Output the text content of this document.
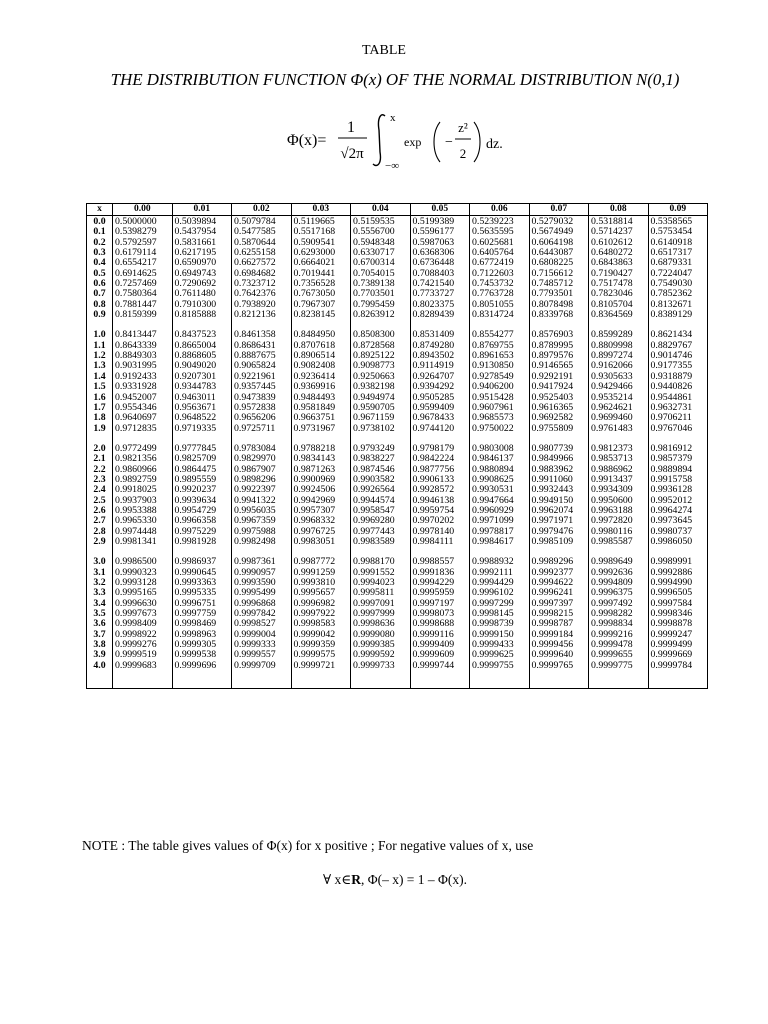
TABLE
THE DISTRIBUTION FUNCTION Φ(x) OF THE NORMAL DISTRIBUTION N(0,1)
Φ(x)=
1
√2π
x
−∞
exp −
z²
2
dz.
x	0.00	0.01	0.02	0.03	0.04	0.05	0.06	0.07	0.08	0.09
0.0	0.5000000	0.5039894	0.5079784	0.5119665	0.5159535	0.5199389	0.5239223	0.5279032	0.5318814	0.5358565
0.1	0.5398279	0.5437954	0.5477585	0.5517168	0.5556700	0.5596177	0.5635595	0.5674949	0.5714237	0.5753454
0.2	0.5792597	0.5831661	0.5870644	0.5909541	0.5948348	0.5987063	0.6025681	0.6064198	0.6102612	0.6140918
0.3	0.6179114	0.6217195	0.6255158	0.6293000	0.6330717	0.6368306	0.6405764	0.6443087	0.6480272	0.6517317
0.4	0.6554217	0.6590970	0.6627572	0.6664021	0.6700314	0.6736448	0.6772419	0.6808225	0.6843863	0.6879331
0.5	0.6914625	0.6949743	0.6984682	0.7019441	0.7054015	0.7088403	0.7122603	0.7156612	0.7190427	0.7224047
0.6	0.7257469	0.7290692	0.7323712	0.7356528	0.7389138	0.7421540	0.7453732	0.7485712	0.7517478	0.7549030
0.7	0.7580364	0.7611480	0.7642376	0.7673050	0.7703501	0.7733727	0.7763728	0.7793501	0.7823046	0.7852362
0.8	0.7881447	0.7910300	0.7938920	0.7967307	0.7995459	0.8023375	0.8051055	0.8078498	0.8105704	0.8132671
0.9	0.8159399	0.8185888	0.8212136	0.8238145	0.8263912	0.8289439	0.8314724	0.8339768	0.8364569	0.8389129

1.0	0.8413447	0.8437523	0.8461358	0.8484950	0.8508300	0.8531409	0.8554277	0.8576903	0.8599289	0.8621434
1.1	0.8643339	0.8665004	0.8686431	0.8707618	0.8728568	0.8749280	0.8769755	0.8789995	0.8809998	0.8829767
1.2	0.8849303	0.8868605	0.8887675	0.8906514	0.8925122	0.8943502	0.8961653	0.8979576	0.8997274	0.9014746
1.3	0.9031995	0.9049020	0.9065824	0.9082408	0.9098773	0.9114919	0.9130850	0.9146565	0.9162066	0.9177355
1.4	0.9192433	0.9207301	0.9221961	0.9236414	0.9250663	0.9264707	0.9278549	0.9292191	0.9305633	0.9318879
1.5	0.9331928	0.9344783	0.9357445	0.9369916	0.9382198	0.9394292	0.9406200	0.9417924	0.9429466	0.9440826
1.6	0.9452007	0.9463011	0.9473839	0.9484493	0.9494974	0.9505285	0.9515428	0.9525403	0.9535214	0.9544861
1.7	0.9554346	0.9563671	0.9572838	0.9581849	0.9590705	0.9599409	0.9607961	0.9616365	0.9624621	0.9632731
1.8	0.9640697	0.9648522	0.9656206	0.9663751	0.9671159	0.9678433	0.9685573	0.9692582	0.9699460	0.9706211
1.9	0.9712835	0.9719335	0.9725711	0.9731967	0.9738102	0.9744120	0.9750022	0.9755809	0.9761483	0.9767046

2.0	0.9772499	0.9777845	0.9783084	0.9788218	0.9793249	0.9798179	0.9803008	0.9807739	0.9812373	0.9816912
2.1	0.9821356	0.9825709	0.9829970	0.9834143	0.9838227	0.9842224	0.9846137	0.9849966	0.9853713	0.9857379
2.2	0.9860966	0.9864475	0.9867907	0.9871263	0.9874546	0.9877756	0.9880894	0.9883962	0.9886962	0.9889894
2.3	0.9892759	0.9895559	0.9898296	0.9900969	0.9903582	0.9906133	0.9908625	0.9911060	0.9913437	0.9915758
2.4	0.9918025	0.9920237	0.9922397	0.9924506	0.9926564	0.9928572	0.9930531	0.9932443	0.9934309	0.9936128
2.5	0.9937903	0.9939634	0.9941322	0.9942969	0.9944574	0.9946138	0.9947664	0.9949150	0.9950600	0.9952012
2.6	0.9953388	0.9954729	0.9956035	0.9957307	0.9958547	0.9959754	0.9960929	0.9962074	0.9963188	0.9964274
2.7	0.9965330	0.9966358	0.9967359	0.9968332	0.9969280	0.9970202	0.9971099	0.9971971	0.9972820	0.9973645
2.8	0.9974448	0.9975229	0.9975988	0.9976725	0.9977443	0.9978140	0.9978817	0.9979476	0.9980116	0.9980737
2.9	0.9981341	0.9981928	0.9982498	0.9983051	0.9983589	0.9984111	0.9984617	0.9985109	0.9985587	0.9986050

3.0	0.9986500	0.9986937	0.9987361	0.9987772	0.9988170	0.9988557	0.9988932	0.9989296	0.9989649	0.9989991
3.1	0.9990323	0.9990645	0.9990957	0.9991259	0.9991552	0.9991836	0.9992111	0.9992377	0.9992636	0.9992886
3.2	0.9993128	0.9993363	0.9993590	0.9993810	0.9994023	0.9994229	0.9994429	0.9994622	0.9994809	0.9994990
3.3	0.9995165	0.9995335	0.9995499	0.9995657	0.9995811	0.9995959	0.9996102	0.9996241	0.9996375	0.9996505
3.4	0.9996630	0.9996751	0.9996868	0.9996982	0.9997091	0.9997197	0.9997299	0.9997397	0.9997492	0.9997584
3.5	0.9997673	0.9997759	0.9997842	0.9997922	0.9997999	0.9998073	0.9998145	0.9998215	0.9998282	0.9998346
3.6	0.9998409	0.9998469	0.9998527	0.9998583	0.9998636	0.9998688	0.9998739	0.9998787	0.9998834	0.9998878
3.7	0.9998922	0.9998963	0.9999004	0.9999042	0.9999080	0.9999116	0.9999150	0.9999184	0.9999216	0.9999247
3.8	0.9999276	0.9999305	0.9999333	0.9999359	0.9999385	0.9999409	0.9999433	0.9999456	0.9999478	0.9999499
3.9	0.9999519	0.9999538	0.9999557	0.9999575	0.9999592	0.9999609	0.9999625	0.9999640	0.9999655	0.9999669
4.0	0.9999683	0.9999696	0.9999709	0.9999721	0.9999733	0.9999744	0.9999755	0.9999765	0.9999775	0.9999784

NOTE : The table gives values of Φ(x) for x positive ; For negative values of x, use
∀ x∈R, Φ(– x) = 1 – Φ(x).
